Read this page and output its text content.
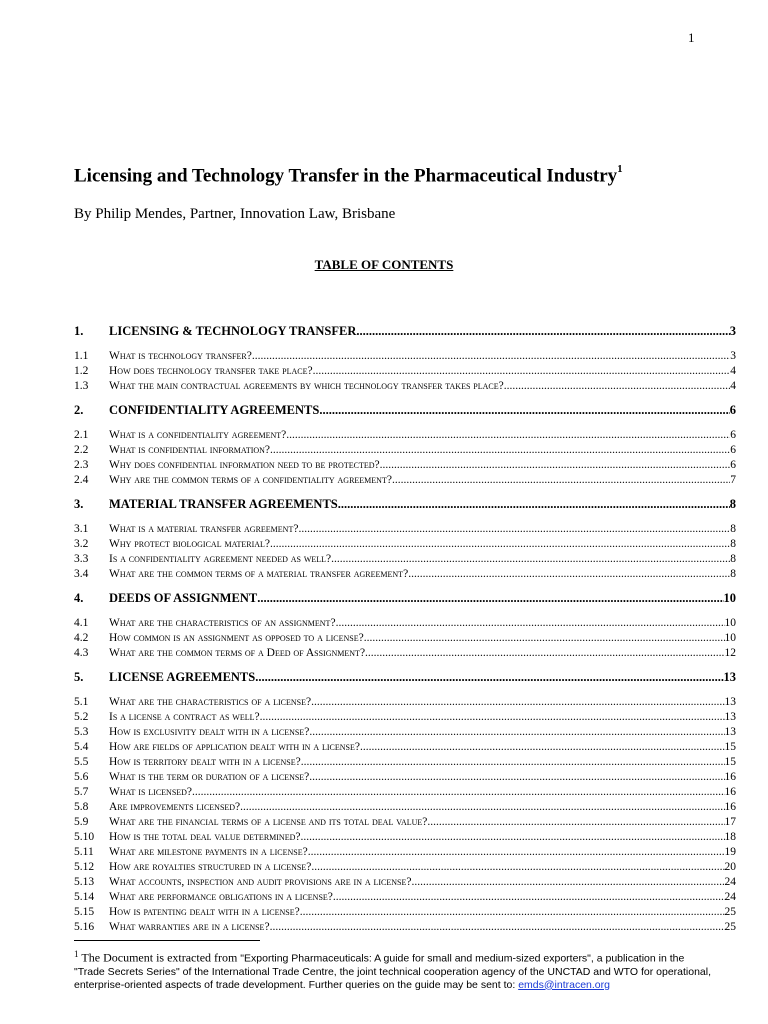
1
Licensing and Technology Transfer in the Pharmaceutical Industry$^1$
By Philip Mendes, Partner, Innovation Law, Brisbane
TABLE OF CONTENTS
1.	LICENSING & TECHNOLOGY TRANSFER .....	3
1.1	What is technology transfer? .....	3
1.2	How does technology transfer take place? .....	4
1.3	What the main contractual agreements by which technology transfer takes place? .....	4
2.	CONFIDENTIALITY AGREEMENTS .....	6
2.1	What is a confidentiality agreement? .....	6
2.2	What is confidential information? .....	6
2.3	Why does confidential information need to be protected? .....	6
2.4	Why are the common terms of a confidentiality agreement? .....	7
3.	MATERIAL TRANSFER AGREEMENTS .....	8
3.1	What is a material transfer agreement? .....	8
3.2	Why protect biological material? .....	8
3.3	Is a confidentiality agreement needed as well? .....	8
3.4	What are the common terms of a material transfer agreement? .....	8
4.	DEEDS OF ASSIGNMENT .....	10
4.1	What are the characteristics of an assignment? .....	10
4.2	How common is an assignment as opposed to a license? .....	10
4.3	What are the common terms of a Deed of Assignment? .....	12
5.	LICENSE AGREEMENTS .....	13
5.1	What are the characteristics of a license? .....	13
5.2	Is a license a contract as well? .....	13
5.3	How is exclusivity dealt with in a license? .....	13
5.4	How are fields of application dealt with in a license? .....	15
5.5	How is territory dealt with in a license? .....	15
5.6	What is the term or duration of a license? .....	16
5.7	What is licensed? .....	16
5.8	Are improvements licensed? .....	16
5.9	What are the financial terms of a license and its total deal value? .....	17
5.10	How is the total deal value determined? .....	18
5.11	What are milestone payments in a license? .....	19
5.12	How are royalties structured in a license? .....	20
5.13	What accounts, inspection and audit provisions are in a license? .....	24
5.14	What are performance obligations in a license? .....	24
5.15	How is patenting dealt with in a license? .....	25
5.16	What warranties are in a license? .....	25
$^1$ The Document is extracted from "Exporting Pharmaceuticals: A guide for small and medium-sized exporters", a publication in the "Trade Secrets Series" of the International Trade Centre, the joint technical cooperation agency of the UNCTAD and WTO for operational, enterprise-oriented aspects of trade development. Further queries on the guide may be sent to: emds@intracen.org
